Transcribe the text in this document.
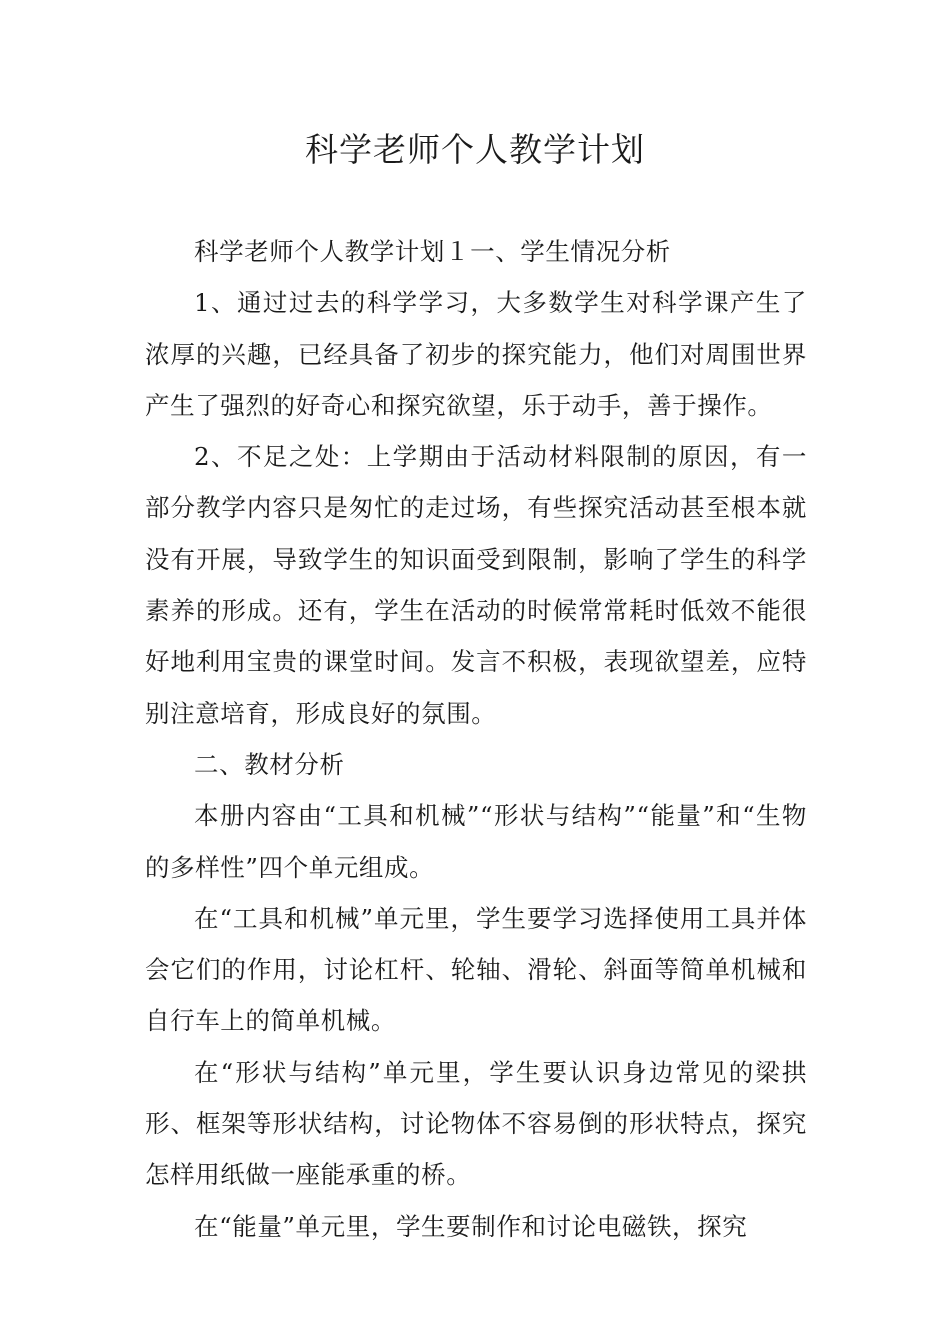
科学老师个人教学计划

科学老师个人教学计划１一、学生情况分析

1、通过过去的科学学习，大多数学生对科学课产生了浓厚的兴趣，已经具备了初步的探究能力，他们对周围世界产生了强烈的好奇心和探究欲望，乐于动手，善于操作。

2、不足之处：上学期由于活动材料限制的原因，有一部分教学内容只是匆忙的走过场，有些探究活动甚至根本就没有开展，导致学生的知识面受到限制，影响了学生的科学素养的形成。还有，学生在活动的时候常常耗时低效不能很好地利用宝贵的课堂时间。发言不积极，表现欲望差，应特别注意培育，形成良好的氛围。

二、教材分析

本册内容由“工具和机械”“形状与结构”“能量”和“生物的多样性”四个单元组成。

在“工具和机械”单元里，学生要学习选择使用工具并体会它们的作用，讨论杠杆、轮轴、滑轮、斜面等简单机械和自行车上的简单机械。

在“形状与结构”单元里，学生要认识身边常见的梁拱形、框架等形状结构，讨论物体不容易倒的形状特点，探究怎样用纸做一座能承重的桥。

在“能量”单元里，学生要制作和讨论电磁铁，探究
